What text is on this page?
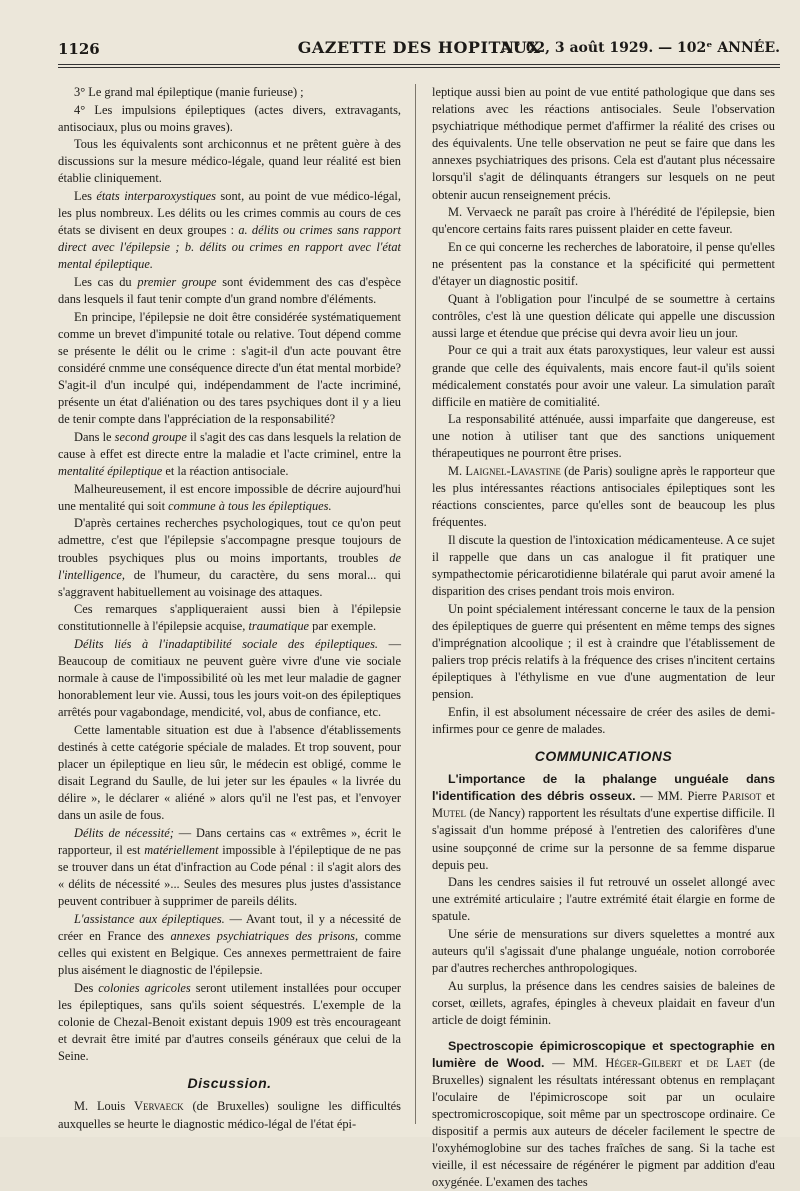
1126	GAZETTE DES HOPITAUX
N° 62, 3 août 1929. — 102ᵉ ANNÉE.

3° Le grand mal épileptique (manie furieuse) ;

4° Les impulsions épileptiques (actes divers, extravagants, antisociaux, plus ou moins graves).

Tous les équivalents sont archiconnus et ne prêtent guère à des discussions sur la mesure médico-légale, quand leur réalité est bien établie cliniquement.

Les états interparoxystiques sont, au point de vue médico-légal, les plus nombreux. Les délits ou les crimes commis au cours de ces états se divisent en deux groupes : a. délits ou crimes sans rapport direct avec l'épilepsie ; b. délits ou crimes en rapport avec l'état mental épileptique.

Les cas du premier groupe sont évidemment des cas d'espèce dans lesquels il faut tenir compte d'un grand nombre d'éléments.

En principe, l'épilepsie ne doit être considérée systématiquement comme un brevet d'impunité totale ou relative. Tout dépend comme se présente le délit ou le crime : s'agit-il d'un acte pouvant être considéré cnmme une conséquence directe d'un état mental morbide? S'agit-il d'un inculpé qui, indépendamment de l'acte incriminé, présente un état d'aliénation ou des tares psychiques dont il y a lieu de tenir compte dans l'appréciation de la responsabilité?

Dans le second groupe il s'agit des cas dans lesquels la relation de cause à effet est directe entre la maladie et l'acte criminel, entre la mentalité épileptique et la réaction antisociale.

Malheureusement, il est encore impossible de décrire aujourd'hui une mentalité qui soit commune à tous les épileptiques.

D'après certaines recherches psychologiques, tout ce qu'on peut admettre, c'est que l'épilepsie s'accompagne presque toujours de troubles psychiques plus ou moins importants, troubles de l'intelligence, de l'humeur, du caractère, du sens moral... qui s'aggravent habituellement au voisinage des attaques.

Ces remarques s'appliqueraient aussi bien à l'épilepsie constitutionnelle à l'épilepsie acquise, traumatique par exemple.

Délits liés à l'inadaptibilité sociale des épileptiques. — Beaucoup de comitiaux ne peuvent guère vivre d'une vie sociale normale à cause de l'impossibilité où les met leur maladie de gagner honorablement leur vie. Aussi, tous les jours voit-on des épileptiques arrêtés pour vagabondage, mendicité, vol, abus de confiance, etc.

Cette lamentable situation est due à l'absence d'établissements destinés à cette catégorie spéciale de malades. Et trop souvent, pour placer un épileptique en lieu sûr, le médecin est obligé, comme le disait Legrand du Saulle, de lui jeter sur les épaules « la livrée du délire », le déclarer « aliéné » alors qu'il ne l'est pas, et l'envoyer dans un asile de fous.

Délits de nécessité; — Dans certains cas « extrêmes », écrit le rapporteur, il est matériellement impossible à l'épileptique de ne pas se trouver dans un état d'infraction au Code pénal : il s'agit alors des « délits de nécessité »... Seules des mesures plus justes d'assistance peuvent contribuer à supprimer de pareils délits.

L'assistance aux épileptiques. — Avant tout, il y a nécessité de créer en France des annexes psychiatriques des prisons, comme celles qui existent en Belgique. Ces annexes permettraient de faire plus aisément le diagnostic de l'épilepsie.

Des colonies agricoles seront utilement installées pour occuper les épileptiques, sans qu'ils soient séquestrés. L'exemple de la colonie de Chezal-Benoit existant depuis 1909 est très encourageant et devrait être imité par d'autres conseils généraux que celui de la Seine.

Discussion.

M. Louis Vervaeck (de Bruxelles) souligne les difficultés auxquelles se heurte le diagnostic médico-légal de l'état épi-

leptique aussi bien au point de vue entité pathologique que dans ses relations avec les réactions antisociales. Seule l'observation psychiatrique méthodique permet d'affirmer la réalité des crises ou des équivalents. Une telle observation ne peut se faire que dans les annexes psychiatriques des prisons. Cela est d'autant plus nécessaire lorsqu'il s'agit de délinquants étrangers sur lesquels on ne peut obtenir aucun renseignement précis.

M. Vervaeck ne paraît pas croire à l'hérédité de l'épilepsie, bien qu'encore certains faits rares puissent plaider en cette faveur.

En ce qui concerne les recherches de laboratoire, il pense qu'elles ne présentent pas la constance et la spécificité qui permettent d'étayer un diagnostic positif.

Quant à l'obligation pour l'inculpé de se soumettre à certains contrôles, c'est là une question délicate qui appelle une discussion aussi large et étendue que précise qui devra avoir lieu un jour.

Pour ce qui a trait aux états paroxystiques, leur valeur est aussi grande que celle des équivalents, mais encore faut-il qu'ils soient médicalement constatés pour avoir une valeur. La simulation paraît difficile en matière de comitialité.

La responsabilité atténuée, aussi imparfaite que dangereuse, est une notion à utiliser tant que des sanctions uniquement thérapeutiques ne pourront être prises.

M. Laignel-Lavastine (de Paris) souligne après le rapporteur que les plus intéressantes réactions antisociales épileptiques sont les réactions conscientes, parce qu'elles sont de beaucoup les plus fréquentes.

Il discute la question de l'intoxication médicamenteuse. A ce sujet il rappelle que dans un cas analogue il fit pratiquer une sympathectomie péricarotidienne bilatérale qui parut avoir amené la disparition des crises pendant trois mois environ.

Un point spécialement intéressant concerne le taux de la pension des épileptiques de guerre qui présentent en même temps des signes d'imprégnation alcoolique ; il est à craindre que l'établissement de paliers trop précis relatifs à la fréquence des crises n'incitent certains épileptiques à l'éthylisme en vue d'une augmentation de leur pension.

Enfin, il est absolument nécessaire de créer des asiles de demi-infirmes pour ce genre de malades.

COMMUNICATIONS

L'importance de la phalange unguéale dans l'identification des débris osseux. — MM. Pierre Parisot et Mutel (de Nancy) rapportent les résultats d'une expertise difficile. Il s'agissait d'un homme préposé à l'entretien des calorifères d'une usine soupçonné de crime sur la personne de sa femme disparue depuis peu.

Dans les cendres saisies il fut retrouvé un osselet allongé avec une extrémité articulaire ; l'autre extrémité était élargie en forme de spatule.

Une série de mensurations sur divers squelettes a montré aux auteurs qu'il s'agissait d'une phalange unguéale, notion corroborée par d'autres recherches anthropologiques.

Au surplus, la présence dans les cendres saisies de baleines de corset, œillets, agrafes, épingles à cheveux plaidait en faveur d'un article de doigt féminin.

Spectroscopie épimicroscopique et spectographie en lumière de Wood. — MM. Héger-Gilbert et de Laet (de Bruxelles) signalent les résultats intéressant obtenus en remplaçant l'oculaire de l'épimicroscope soit par un oculaire spectromicroscopique, soit même par un spectroscope ordinaire. Ce dispositif a permis aux auteurs de déceler facilement le spectre de l'oxyhémoglobine sur des taches fraîches de sang. Si la tache est vieille, il est nécessaire de régénérer le pigment par addition d'eau oxygénée. L'examen des taches
